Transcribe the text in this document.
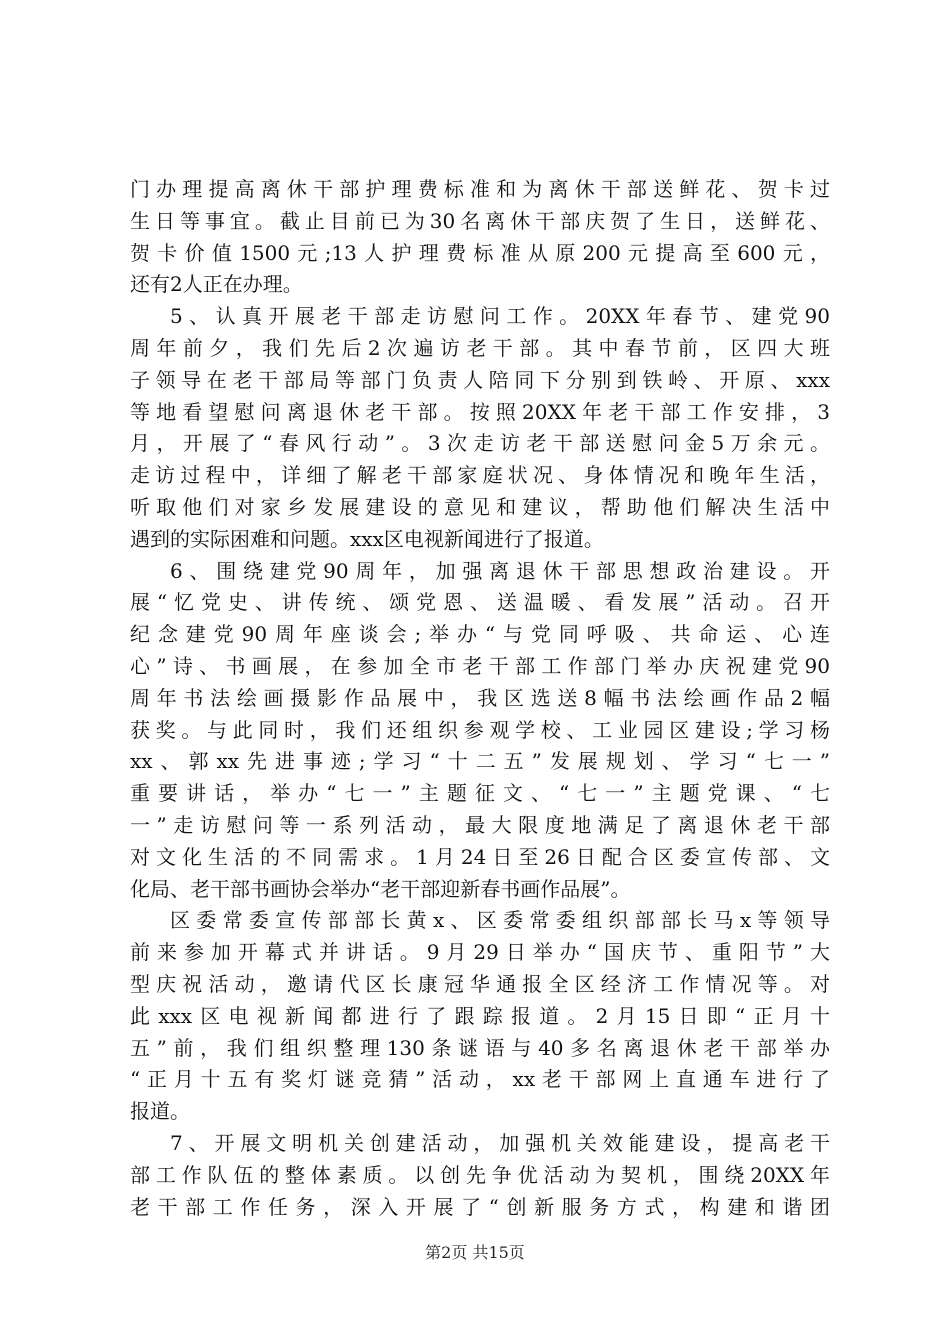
门办理提高离休干部护理费标准和为离休干部送鲜花、贺卡过
生日等事宜。截止目前已为30名离休干部庆贺了生日，送鲜花、
贺卡价值1500元;13人护理费标准从原200元提高至600元，
还有2人正在办理。
5、认真开展老干部走访慰问工作。20XX年春节、建党90
周年前夕，我们先后2次遍访老干部。其中春节前，区四大班
子领导在老干部局等部门负责人陪同下分别到铁岭、开原、xxx
等地看望慰问离退休老干部。按照20XX年老干部工作安排，3
月，开展了“春风行动”。3次走访老干部送慰问金5万余元。
走访过程中，详细了解老干部家庭状况、身体情况和晚年生活，
听取他们对家乡发展建设的意见和建议，帮助他们解决生活中
遇到的实际困难和问题。xxx区电视新闻进行了报道。
6、围绕建党90周年，加强离退休干部思想政治建设。开
展“忆党史、讲传统、颂党恩、送温暖、看发展”活动。召开
纪念建党90周年座谈会;举办“与党同呼吸、共命运、心连
心”诗、书画展，在参加全市老干部工作部门举办庆祝建党90
周年书法绘画摄影作品展中，我区选送8幅书法绘画作品2幅
获奖。与此同时，我们还组织参观学校、工业园区建设;学习杨
xx、郭xx先进事迹;学习“十二五”发展规划、学习“七一”
重要讲话，举办“七一”主题征文、“七一”主题党课、“七
一”走访慰问等一系列活动，最大限度地满足了离退休老干部
对文化生活的不同需求。1月24日至26日配合区委宣传部、文
化局、老干部书画协会举办“老干部迎新春书画作品展”。
区委常委宣传部部长黄x、区委常委组织部部长马x等领导
前来参加开幕式并讲话。9月29日举办“国庆节、重阳节”大
型庆祝活动，邀请代区长康冠华通报全区经济工作情况等。对
此xxx区电视新闻都进行了跟踪报道。2月15日即“正月十
五”前，我们组织整理130条谜语与40多名离退休老干部举办
“正月十五有奖灯谜竞猜”活动，xx老干部网上直通车进行了
报道。
7、开展文明机关创建活动，加强机关效能建设，提高老干
部工作队伍的整体素质。以创先争优活动为契机，围绕20XX年
老干部工作任务，深入开展了“创新服务方式，构建和谐团
第2页 共15页
